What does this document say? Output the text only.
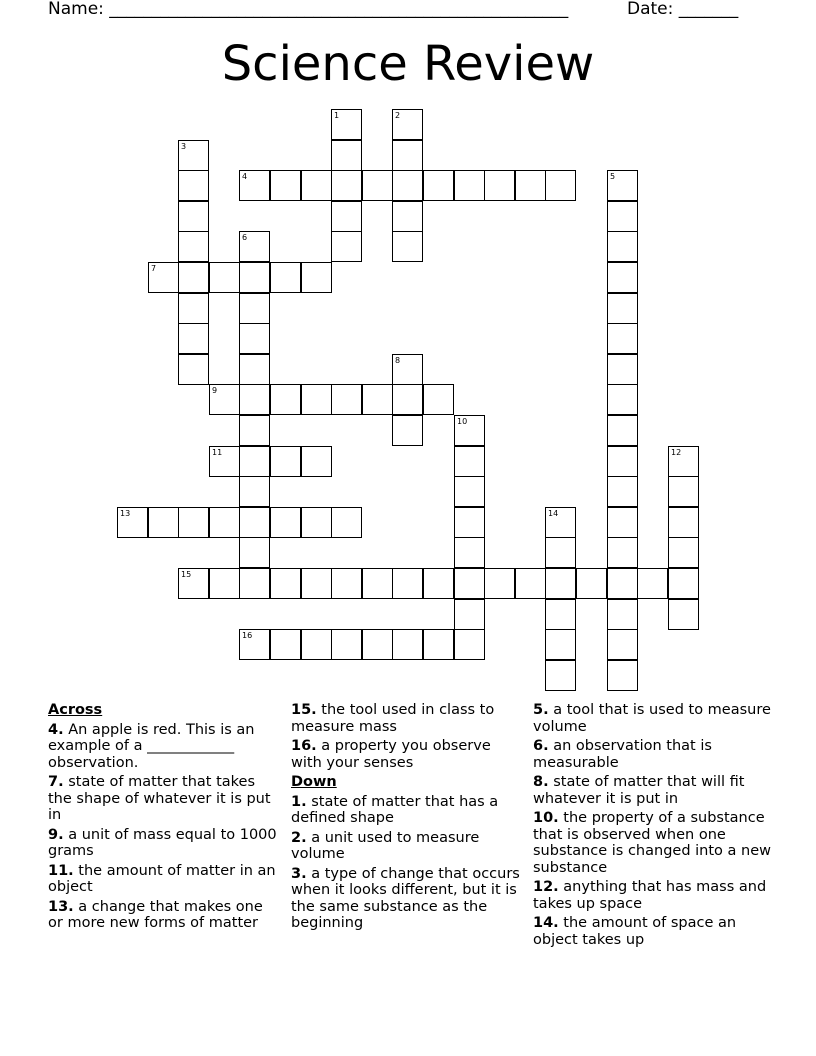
Name: ______________________________________________________	Date: _______
Science Review
1	2
3
4	5
6
7
8
9
10
11	12
13	14
15
16
Across
4. An apple is red. This is an example of a ____________ observation.
7. state of matter that takes the shape of whatever it is put in
9. a unit of mass equal to 1000 grams
11. the amount of matter in an object
13. a change that makes one or more new forms of matter
15. the tool used in class to measure mass
16. a property you observe with your senses
Down
1. state of matter that has a defined shape
2. a unit used to measure volume
3. a type of change that occurs when it looks different, but it is the same substance as the beginning
5. a tool that is used to measure volume
6. an observation that is measurable
8. state of matter that will fit whatever it is put in
10. the property of a substance that is observed when one substance is changed into a new substance
12. anything that has mass and takes up space
14. the amount of space an object takes up
